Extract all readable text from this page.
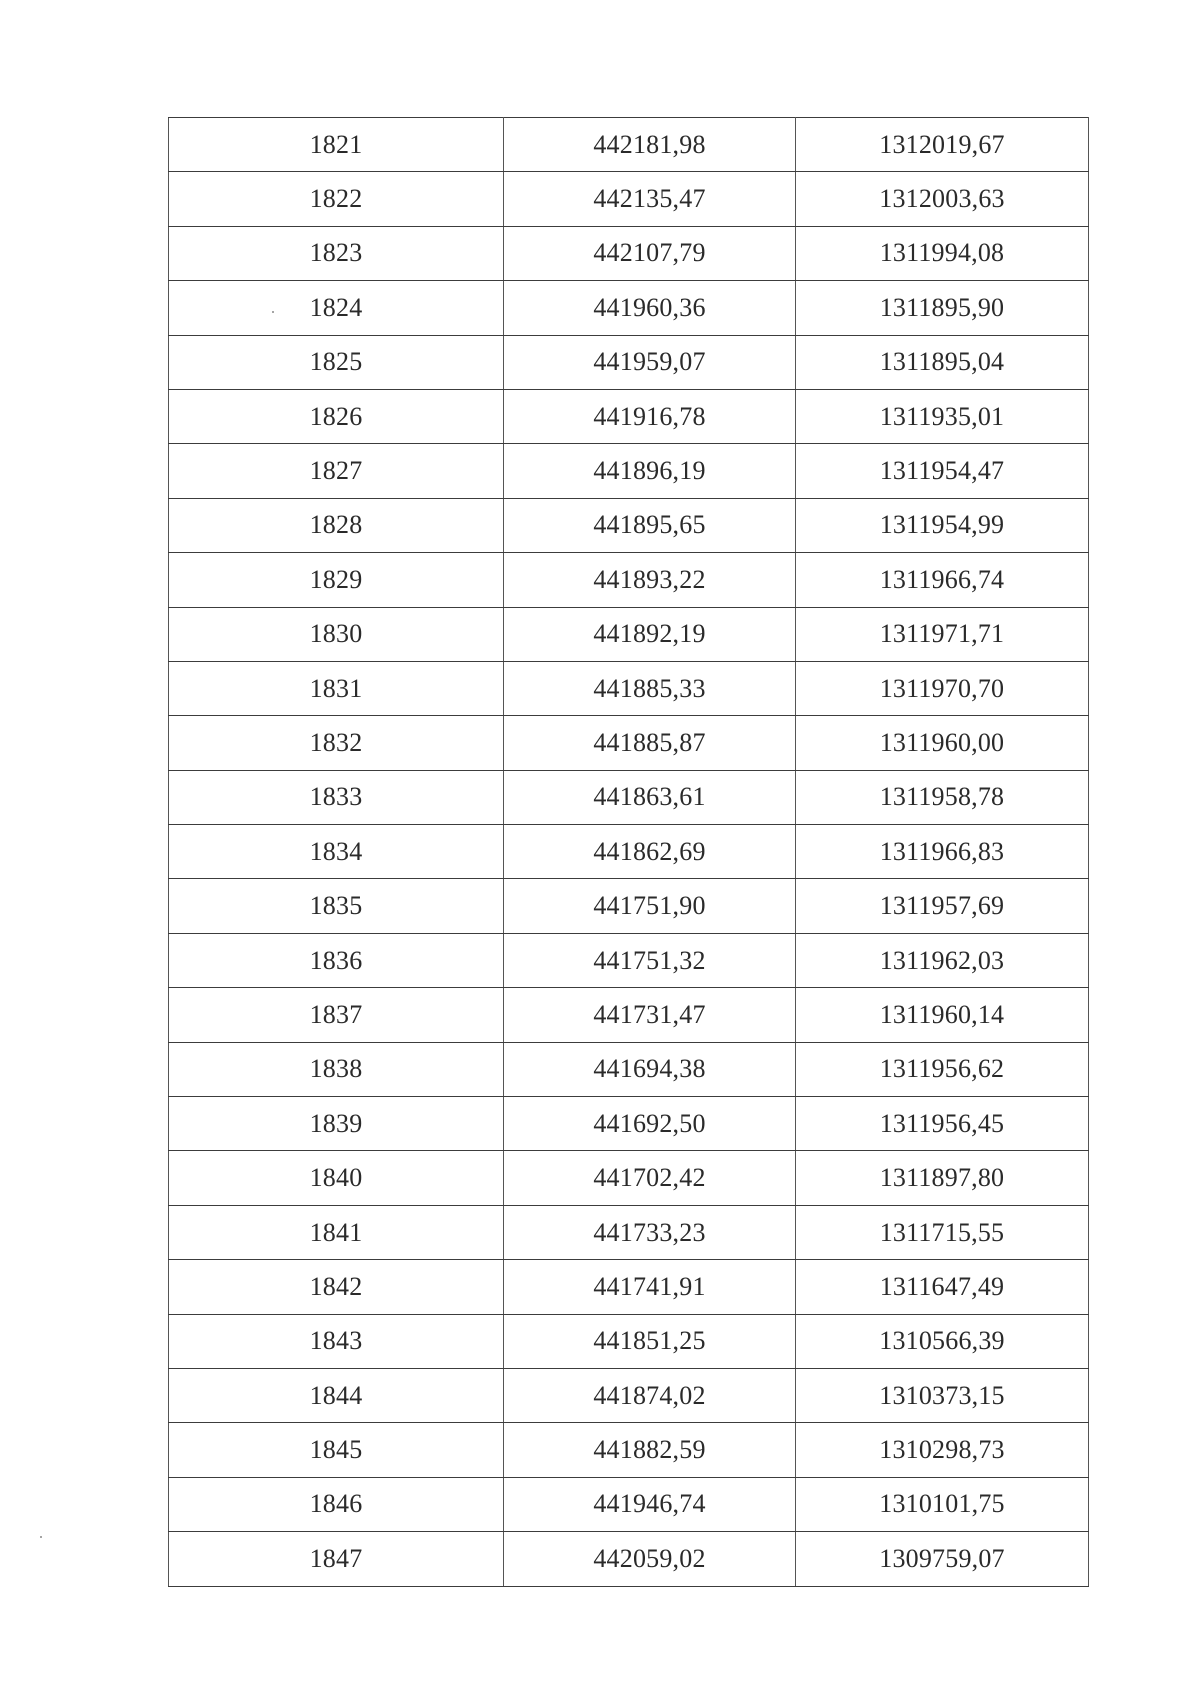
1821	442181,98	1312019,67
1822	442135,47	1312003,63
1823	442107,79	1311994,08
1824	441960,36	1311895,90
1825	441959,07	1311895,04
1826	441916,78	1311935,01
1827	441896,19	1311954,47
1828	441895,65	1311954,99
1829	441893,22	1311966,74
1830	441892,19	1311971,71
1831	441885,33	1311970,70
1832	441885,87	1311960,00
1833	441863,61	1311958,78
1834	441862,69	1311966,83
1835	441751,90	1311957,69
1836	441751,32	1311962,03
1837	441731,47	1311960,14
1838	441694,38	1311956,62
1839	441692,50	1311956,45
1840	441702,42	1311897,80
1841	441733,23	1311715,55
1842	441741,91	1311647,49
1843	441851,25	1310566,39
1844	441874,02	1310373,15
1845	441882,59	1310298,73
1846	441946,74	1310101,75
1847	442059,02	1309759,07
